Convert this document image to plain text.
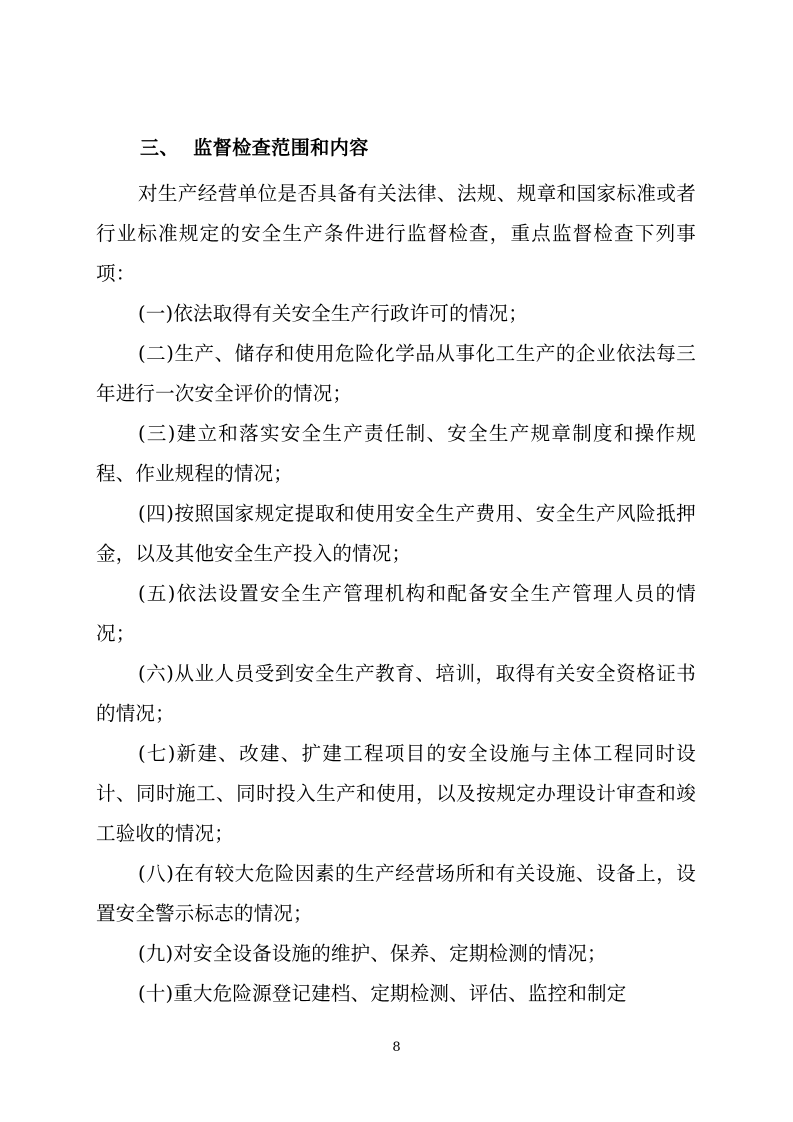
三、  监督检查范围和内容

对生产经营单位是否具备有关法律、法规、规章和国家标准或者行业标准规定的安全生产条件进行监督检查，重点监督检查下列事项：

(一)依法取得有关安全生产行政许可的情况；

(二)生产、储存和使用危险化学品从事化工生产的企业依法每三年进行一次安全评价的情况；

(三)建立和落实安全生产责任制、安全生产规章制度和操作规程、作业规程的情况；

(四)按照国家规定提取和使用安全生产费用、安全生产风险抵押金，以及其他安全生产投入的情况；

(五)依法设置安全生产管理机构和配备安全生产管理人员的情况；

(六)从业人员受到安全生产教育、培训，取得有关安全资格证书的情况；

(七)新建、改建、扩建工程项目的安全设施与主体工程同时设计、同时施工、同时投入生产和使用，以及按规定办理设计审查和竣工验收的情况；

(八)在有较大危险因素的生产经营场所和有关设施、设备上，设置安全警示标志的情况；

(九)对安全设备设施的维护、保养、定期检测的情况；

(十)重大危险源登记建档、定期检测、评估、监控和制定

8
